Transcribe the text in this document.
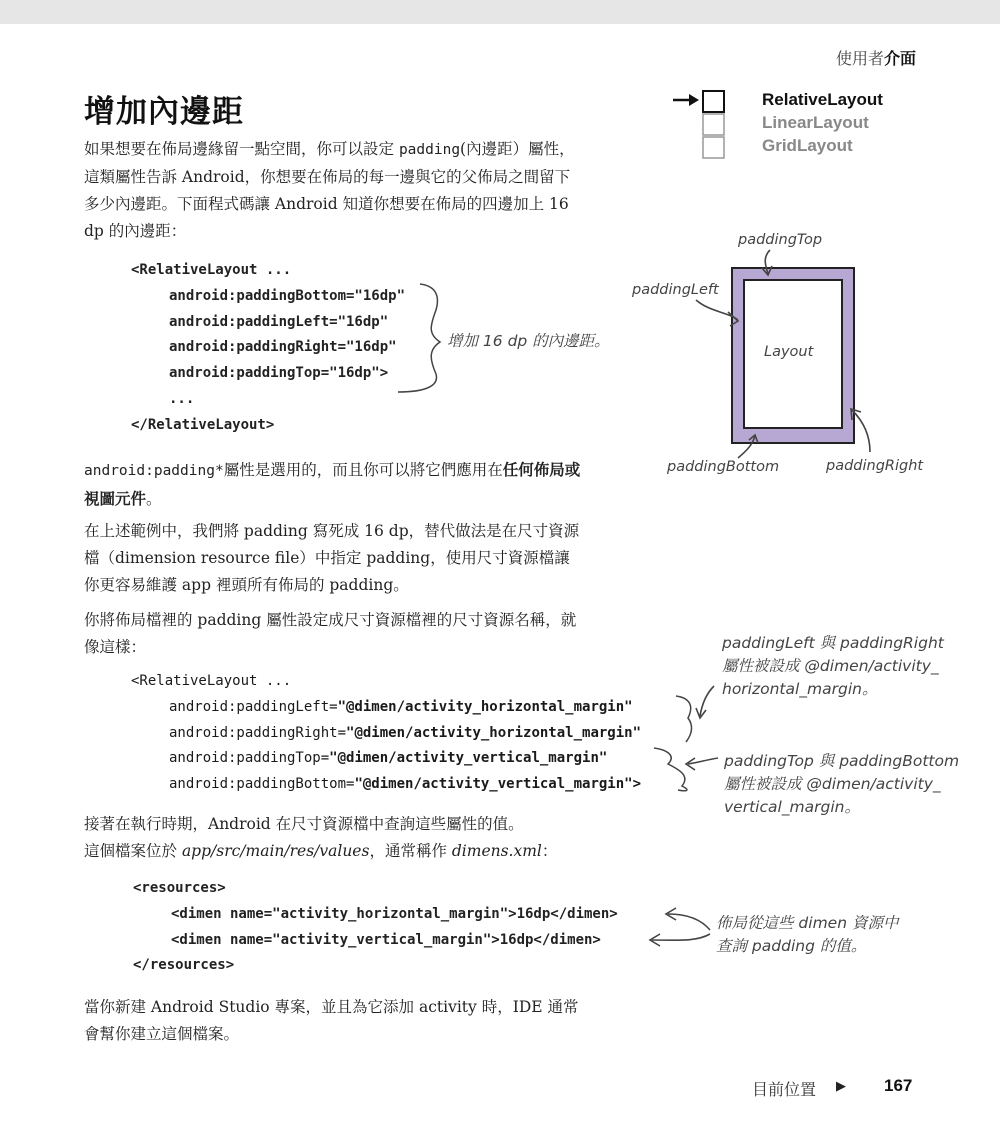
使用者介面
增加內邊距	RelativeLayout
LinearLayout
GridLayout

如果想要在佈局邊緣留一點空間，你可以設定 padding(內邊距）屬性，這類屬性告訴 Android，你想要在佈局的每一邊與它的父佈局之間留下多少內邊距。下面程式碼讓 Android 知道你想要在佈局的四邊加上 16 dp 的內邊距：

<RelativeLayout ...
android:paddingBottom="16dp"
android:paddingLeft="16dp"
android:paddingRight="16dp"
android:paddingTop="16dp">
...
</RelativeLayout>
增加 16 dp 的內邊距。

android:padding*屬性是選用的，而且你可以將它們應用在任何佈局或視圖元件。

在上述範例中，我們將 padding 寫死成 16 dp，替代做法是在尺寸資源檔（dimension resource file）中指定 padding，使用尺寸資源檔讓你更容易維護 app 裡頭所有佈局的 padding。

你將佈局檔裡的 padding 屬性設定成尺寸資源檔裡的尺寸資源名稱，就像這樣：

<RelativeLayout ...
android:paddingLeft="@dimen/activity_horizontal_margin"
android:paddingRight="@dimen/activity_horizontal_margin"
android:paddingTop="@dimen/activity_vertical_margin"
android:paddingBottom="@dimen/activity_vertical_margin">
paddingLeft 與 paddingRight
屬性被設成 @dimen/activity_
horizontal_margin。
paddingTop 與 paddingBottom
屬性被設成 @dimen/activity_
vertical_margin。

接著在執行時期，Android 在尺寸資源檔中查詢這些屬性的值。
這個檔案位於 app/src/main/res/values，通常稱作 dimens.xml：

<resources>
<dimen name="activity_horizontal_margin">16dp</dimen>
<dimen name="activity_vertical_margin">16dp</dimen>
</resources>
佈局從這些 dimen 資源中
查詢 padding 的值。

當你新建 Android Studio 專案，並且為它添加 activity 時，IDE 通常會幫你建立這個檔案。

paddingTop
paddingLeft
Layout
paddingBottom	paddingRight
目前位置 ▶ 167
